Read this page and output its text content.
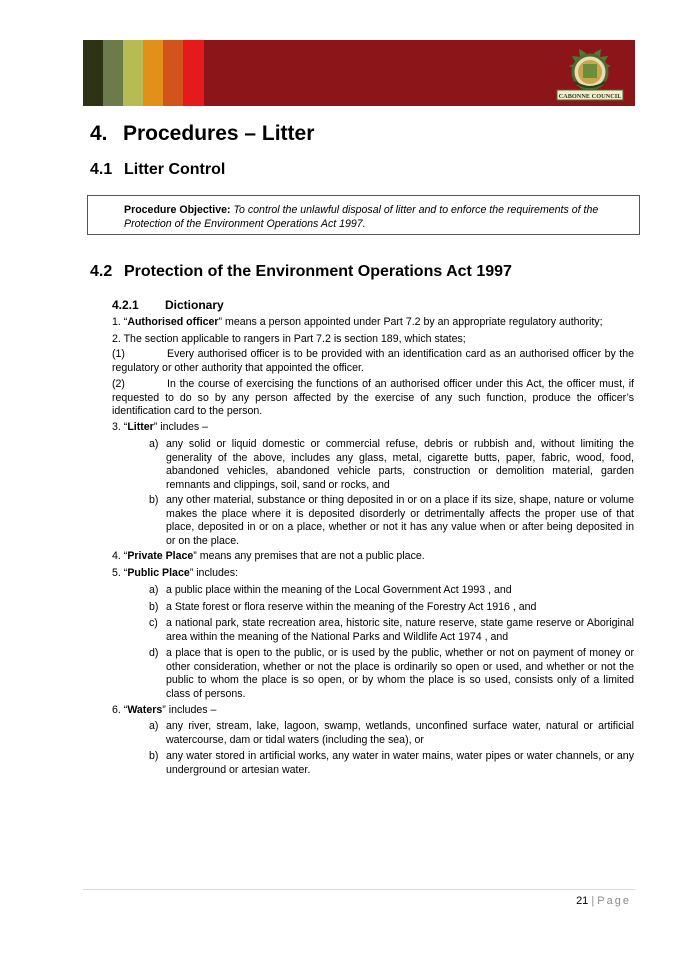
CABONNE COUNCIL
4. Procedures – Litter
4.1 Litter Control
Procedure Objective: To control the unlawful disposal of litter and to enforce the requirements of the Protection of the Environment Operations Act 1997.
4.2 Protection of the Environment Operations Act 1997
4.2.1 Dictionary
1. “Authorised officer” means a person appointed under Part 7.2 by an appropriate regulatory authority;
2. The section applicable to rangers in Part 7.2 is section 189, which states;
(1)	Every authorised officer is to be provided with an identification card as an authorised officer by the regulatory or other authority that appointed the officer.
(2)	In the course of exercising the functions of an authorised officer under this Act, the officer must, if requested to do so by any person affected by the exercise of any such function, produce the officer’s identification card to the person.
3. “Litter” includes –
a) any solid or liquid domestic or commercial refuse, debris or rubbish and, without limiting the generality of the above, includes any glass, metal, cigarette butts, paper, fabric, wood, food, abandoned vehicles, abandoned vehicle parts, construction or demolition material, garden remnants and clippings, soil, sand or rocks, and
b) any other material, substance or thing deposited in or on a place if its size, shape, nature or volume makes the place where it is deposited disorderly or detrimentally affects the proper use of that place, deposited in or on a place, whether or not it has any value when or after being deposited in or on the place.
4. “Private Place” means any premises that are not a public place.
5. “Public Place” includes:
a) a public place within the meaning of the Local Government Act 1993 , and
b) a State forest or flora reserve within the meaning of the Forestry Act 1916 , and
c) a national park, state recreation area, historic site, nature reserve, state game reserve or Aboriginal area within the meaning of the National Parks and Wildlife Act 1974 , and
d) a place that is open to the public, or is used by the public, whether or not on payment of money or other consideration, whether or not the place is ordinarily so open or used, and whether or not the public to whom the place is so open, or by whom the place is so used, consists only of a limited class of persons.
6. “Waters” includes –
a) any river, stream, lake, lagoon, swamp, wetlands, unconfined surface water, natural or artificial watercourse, dam or tidal waters (including the sea), or
b) any water stored in artificial works, any water in water mains, water pipes or water channels, or any underground or artesian water.
21 | Page
